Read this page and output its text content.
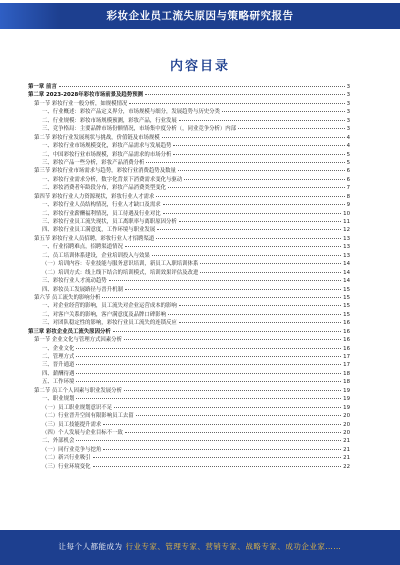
彩妆企业员工流失原因与策略研究报告
内容目录
第一章 前言	3
第二章 2023-2028年彩妆市场前景及趋势预测	3
第一节 彩妆行业一般分析，如规模情况	3
一、行业概述：彩妆产品定义界分，市场规模与细分，发展趋势与历史分类	3
二、行业规模：彩妆市场规模预测，彩妆产品，行业发展	3
三、竞争格局：主要品牌市场份额情况，市场集中度分析（，同业竞争分析）内部	3
第二节 彩妆行业发展现状与挑战，价值链及市场规模	4
一、彩妆行业市场规模变化，彩妆产品需求与发展趋势	4
二、中国彩妆行业市场规模，彩妆产品需求的市场分析	5
三、彩妆产品一些分析，彩妆产品消费分析	5
第三节 彩妆行业市场需求与趋势，彩妆行业消费趋势及数量	6
一、彩妆行业需求分析，数字化背景下消费需求变化与驱动	6
二、彩妆消费者年龄段分布，彩妆产品消费类型变化	7
第四节 彩妆行业人力资源现状，彩妆行业人才需求	8
一、彩妆行业人员结构情况，行业人才缺口及需求	9
二、彩妆行业薪酬福利情况，员工待遇及行业对比	10
三、彩妆行业员工流失现状，员工离职率与离职原因分析	11
四、彩妆行业员工满意度，工作环境与职业发展	12
第五节 彩妆行业人员招聘，彩妆行业人才招聘渠道	13
一、行业招聘难点，招聘渠道情况	13
二、员工培训体系建设，企业培训投入与效果	13
（一）培训内容：专业技能与服务意识培训，新员工入职培训体系	14
（二）培训方式：线上线下结合的培训模式，培训效果评估及改进	14
三、彩妆行业人才流动趋势	14
四、彩妆员工发展路径与晋升机制	15
第六节 员工流失的影响分析	15
一、对企业经营的影响，员工流失对企业运营成本的影响	15
二、对客户关系的影响，客户满意度及品牌口碑影响	15
三、对团队稳定性的影响，彩妆行业员工流失的连锁反应	16
第三章 彩妆企业员工流失原因分析	16
第一节 企业文化与管理方式因素分析	16
一、企业文化	16
二、管理方式	17
三、晋升通道	17
四、薪酬待遇	18
五、工作环境	18
第二节 员工个人因素与职业发展分析	19
一、职业规划	19
（一）员工职业规划意识不足	19
（二）行业晋升空间有限影响员工去留	20
（三）员工技能提升需求	20
（四）个人发展与企业目标不一致	20
二、外部机会	21
（一）同行业竞争与挖角	21
（二）新兴行业吸引	21
（三）行业环境变化	22
让每个人都能成为 行业专家、管理专家、营销专家、战略专家、成功企业家……
